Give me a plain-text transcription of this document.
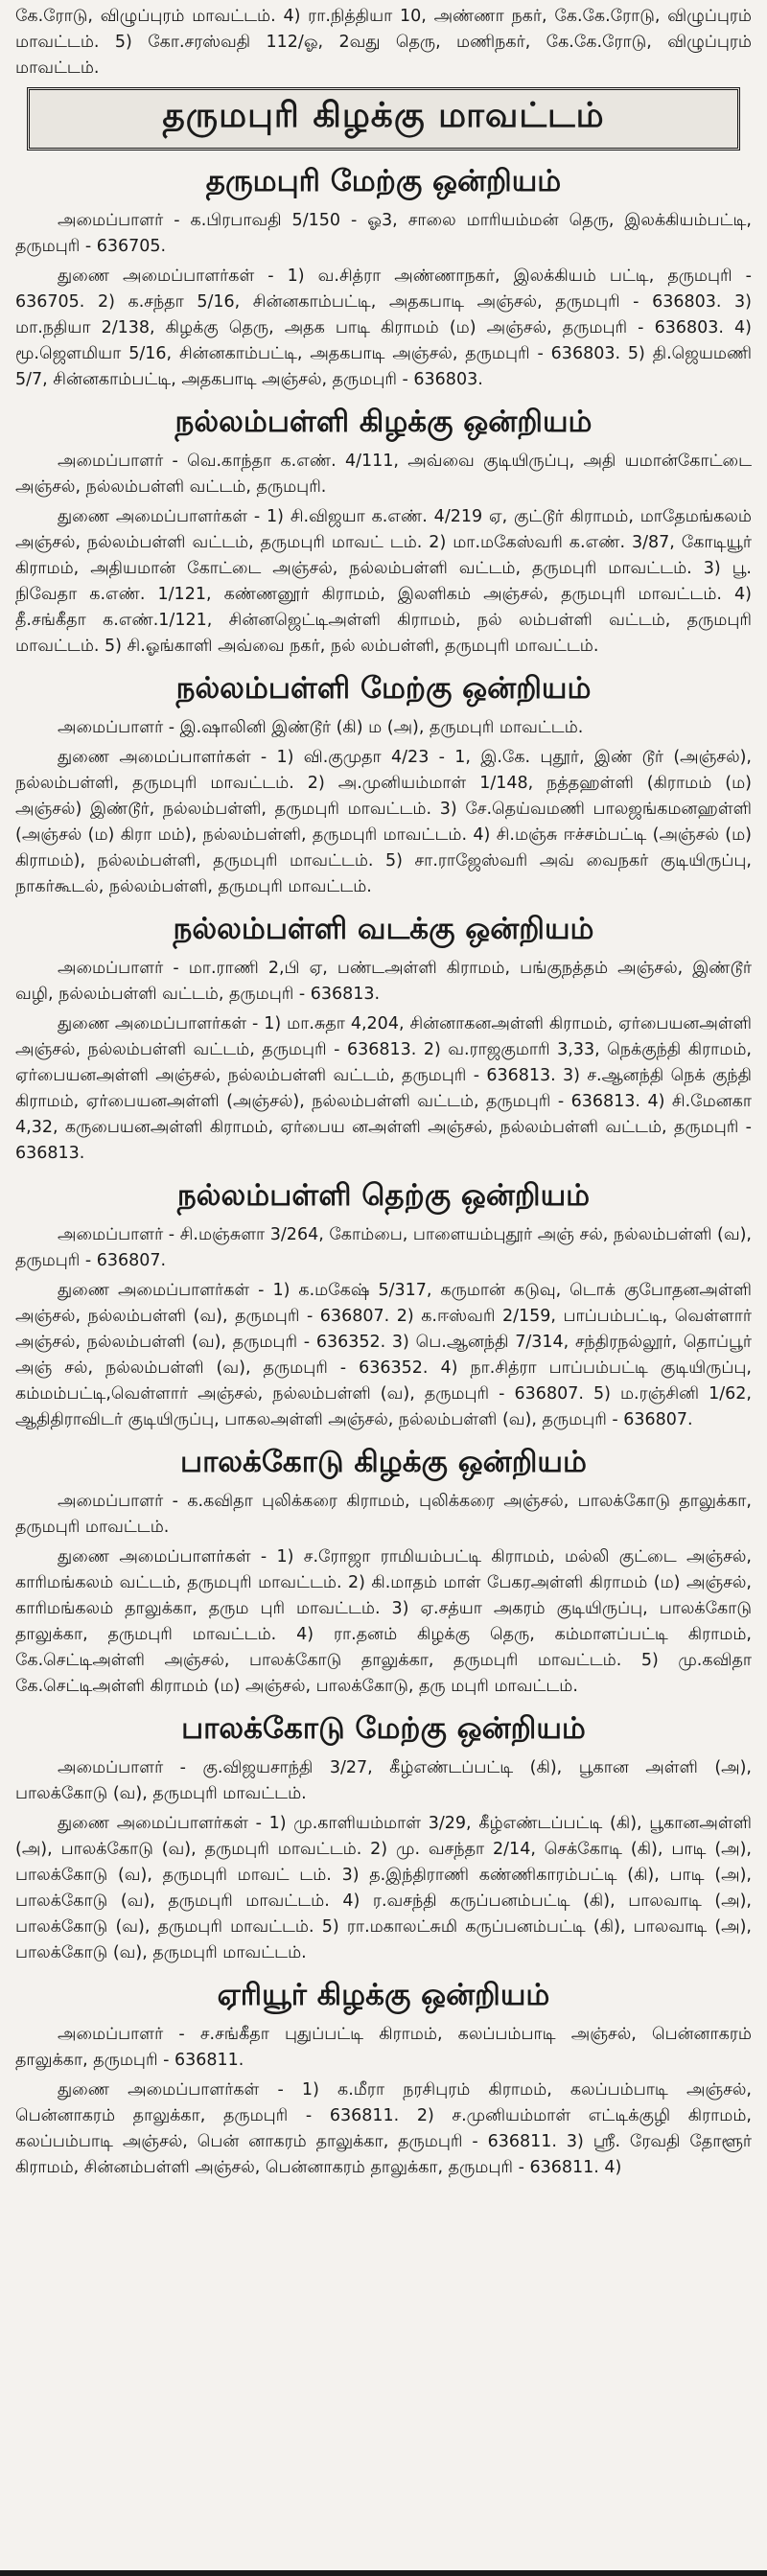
கே.ரோடு, விழுப்புரம் மாவட்டம். 4) ரா.நித்தியா 10, அண்ணா நகர், கே.கே.ரோடு, விழுப்புரம் மாவட்டம். 5) கோ.சரஸ்வதி 112/ஓ, 2வது தெரு, மணிநகர், கே.கே.ரோடு, விழுப்புரம் மாவட்டம்.

தருமபுரி கிழக்கு மாவட்டம்
தருமபுரி மேற்கு ஒன்றியம்

அமைப்பாளர் - க.பிரபாவதி 5/150 - ஓ3, சாலை மாரியம்மன் தெரு, இலக்கியம்பட்டி, தருமபுரி - 636705.

துணை அமைப்பாளர்கள் - 1) வ.சித்ரா அண்ணாநகர், இலக்கியம் பட்டி, தருமபுரி - 636705. 2) க.சந்தா 5/16, சின்னகாம்பட்டி, அதகபாடி அஞ்சல், தருமபுரி - 636803. 3) மா.நதியா 2/138, கிழக்கு தெரு, அதக பாடி கிராமம் (ம) அஞ்சல், தருமபுரி - 636803. 4) மூ.ஜெளமியா 5/16, சின்னகாம்பட்டி, அதகபாடி அஞ்சல், தருமபுரி - 636803. 5) தி.ஜெயமணி 5/7, சின்னகாம்பட்டி, அதகபாடி அஞ்சல், தருமபுரி - 636803.

நல்லம்பள்ளி கிழக்கு ஒன்றியம்

அமைப்பாளர் - வெ.காந்தா க.எண். 4/111, அவ்வை குடியிருப்பு, அதி யமான்கோட்டை அஞ்சல், நல்லம்பள்ளி வட்டம், தருமபுரி.

துணை அமைப்பாளர்கள் - 1) சி.விஜயா க.எண். 4/219 ஏ, குட்டூர் கிராமம், மாதேமங்கலம் அஞ்சல், நல்லம்பள்ளி வட்டம், தருமபுரி மாவட் டம். 2) மா.மகேஸ்வரி க.எண். 3/87, கோடியூர் கிராமம், அதியமான் கோட்டை அஞ்சல், நல்லம்பள்ளி வட்டம், தருமபுரி மாவட்டம். 3) பூ. நிவேதா க.எண். 1/121, கண்ணனூர் கிராமம், இலளிகம் அஞ்சல், தருமபுரி மாவட்டம். 4) தீ.சங்கீதா க.எண்.1/121, சின்னஜெட்டிஅள்ளி கிராமம், நல் லம்பள்ளி வட்டம், தருமபுரி மாவட்டம். 5) சி.ஓங்காளி அவ்வை நகர், நல் லம்பள்ளி, தருமபுரி மாவட்டம்.

நல்லம்பள்ளி மேற்கு ஒன்றியம்

அமைப்பாளர் - இ.ஷாலினி இண்டூர் (கி) ம (அ), தருமபுரி மாவட்டம்.

துணை அமைப்பாளர்கள் - 1) வி.குமுதா 4/23 - 1, இ.கே. புதூர், இண் டூர் (அஞ்சல்), நல்லம்பள்ளி, தருமபுரி மாவட்டம். 2) அ.முனியம்மாள் 1/148, நத்தஹள்ளி (கிராமம் (ம) அஞ்சல்) இண்டூர், நல்லம்பள்ளி, தருமபுரி மாவட்டம். 3) சே.தெய்வமணி பாலஜங்கமனஹள்ளி (அஞ்சல் (ம) கிரா மம்), நல்லம்பள்ளி, தருமபுரி மாவட்டம். 4) சி.மஞ்சு ஈச்சம்பட்டி (அஞ்சல் (ம) கிராமம்), நல்லம்பள்ளி, தருமபுரி மாவட்டம். 5) சா.ராஜேஸ்வரி அவ் வைநகர் குடியிருப்பு, நாகர்கூடல், நல்லம்பள்ளி, தருமபுரி மாவட்டம்.

நல்லம்பள்ளி வடக்கு ஒன்றியம்

அமைப்பாளர் - மா.ராணி 2,பி ஏ, பண்டஅள்ளி கிராமம், பங்குநத்தம் அஞ்சல், இண்டூர் வழி, நல்லம்பள்ளி வட்டம், தருமபுரி - 636813.

துணை அமைப்பாளர்கள் - 1) மா.சுதா 4,204, சின்னாகனஅள்ளி கிராமம், ஏர்பையனஅள்ளி அஞ்சல், நல்லம்பள்ளி வட்டம், தருமபுரி - 636813. 2) வ.ராஜகுமாரி 3,33, நெக்குந்தி கிராமம், ஏர்பையனஅள்ளி அஞ்சல், நல்லம்பள்ளி வட்டம், தருமபுரி - 636813. 3) ச.ஆனந்தி நெக் குந்தி கிராமம், ஏர்பையனஅள்ளி (அஞ்சல்), நல்லம்பள்ளி வட்டம், தருமபுரி - 636813. 4) சி.மேனகா 4,32, கருபையனஅள்ளி கிராமம், ஏர்பைய னஅள்ளி அஞ்சல், நல்லம்பள்ளி வட்டம், தருமபுரி - 636813.

நல்லம்பள்ளி தெற்கு ஒன்றியம்

அமைப்பாளர் - சி.மஞ்சுளா 3/264, கோம்பை, பாளையம்புதூர் அஞ் சல், நல்லம்பள்ளி (வ), தருமபுரி - 636807.

துணை அமைப்பாளர்கள் - 1) க.மகேஷ் 5/317, கருமான் கடுவு, டொக் குபோதனஅள்ளி அஞ்சல், நல்லம்பள்ளி (வ), தருமபுரி - 636807. 2) க.ஈஸ்வரி 2/159, பாப்பம்பட்டி, வெள்ளார் அஞ்சல், நல்லம்பள்ளி (வ), தருமபுரி - 636352. 3) பெ.ஆனந்தி 7/314, சந்திரநல்லூர், தொப்பூர் அஞ் சல், நல்லம்பள்ளி (வ), தருமபுரி - 636352. 4) நா.சித்ரா பாப்பம்பட்டி குடியிருப்பு, கம்மம்பட்டி,வெள்ளார் அஞ்சல், நல்லம்பள்ளி (வ), தருமபுரி - 636807. 5) ம.ரஞ்சினி 1/62, ஆதிதிராவிடர் குடியிருப்பு, பாகலஅள்ளி அஞ்சல், நல்லம்பள்ளி (வ), தருமபுரி - 636807.

பாலக்கோடு கிழக்கு ஒன்றியம்

அமைப்பாளர் - க.கவிதா புலிக்கரை கிராமம், புலிக்கரை அஞ்சல், பாலக்கோடு தாலுக்கா, தருமபுரி மாவட்டம்.

துணை அமைப்பாளர்கள் - 1) ச.ரோஜா ராமியம்பட்டி கிராமம், மல்லி குட்டை அஞ்சல், காரிமங்கலம் வட்டம், தருமபுரி மாவட்டம். 2) கி.மாதம் மாள் பேகரஅள்ளி கிராமம் (ம) அஞ்சல், காரிமங்கலம் தாலுக்கா, தரும புரி மாவட்டம். 3) ஏ.சத்யா அகரம் குடியிருப்பு, பாலக்கோடு தாலுக்கா, தருமபுரி மாவட்டம். 4) ரா.தனம் கிழக்கு தெரு, கம்மாளப்பட்டி கிராமம், கே.செட்டிஅள்ளி அஞ்சல், பாலக்கோடு தாலுக்கா, தருமபுரி மாவட்டம். 5) மு.கவிதா கே.செட்டிஅள்ளி கிராமம் (ம) அஞ்சல், பாலக்கோடு, தரு மபுரி மாவட்டம்.

பாலக்கோடு மேற்கு ஒன்றியம்

அமைப்பாளர் - கு.விஜயசாந்தி 3/27, கீழ்எண்டப்பட்டி (கி), பூகான அள்ளி (அ), பாலக்கோடு (வ), தருமபுரி மாவட்டம்.

துணை அமைப்பாளர்கள் - 1) மு.காளியம்மாள் 3/29, கீழ்எண்டப்பட்டி (கி), பூகானஅள்ளி (அ), பாலக்கோடு (வ), தருமபுரி மாவட்டம். 2) மு. வசந்தா 2/14, செக்கோடி (கி), பாடி (அ), பாலக்கோடு (வ), தருமபுரி மாவட் டம். 3) த.இந்திராணி கண்ணிகாரம்பட்டி (கி), பாடி (அ), பாலக்கோடு (வ), தருமபுரி மாவட்டம். 4) ர.வசந்தி கருப்பனம்பட்டி (கி), பாலவாடி (அ), பாலக்கோடு (வ), தருமபுரி மாவட்டம். 5) ரா.மகாலட்சுமி கருப்பனம்பட்டி (கி), பாலவாடி (அ), பாலக்கோடு (வ), தருமபுரி மாவட்டம்.

ஏரியூர் கிழக்கு ஒன்றியம்

அமைப்பாளர் - ச.சங்கீதா புதுப்பட்டி கிராமம், கலப்பம்பாடி அஞ்சல், பென்னாகரம் தாலுக்கா, தருமபுரி - 636811.

துணை அமைப்பாளர்கள் - 1) க.மீரா நரசிபுரம் கிராமம், கலப்பம்பாடி அஞ்சல், பென்னாகரம் தாலுக்கா, தருமபுரி - 636811. 2) ச.முனியம்மாள் எட்டிக்குழி கிராமம், கலப்பம்பாடி அஞ்சல், பென் னாகரம் தாலுக்கா, தருமபுரி - 636811. 3) ஸ்ரீ. ரேவதி தோளூர் கிராமம், சின்னம்பள்ளி அஞ்சல், பென்னாகரம் தாலுக்கா, தருமபுரி - 636811. 4)
